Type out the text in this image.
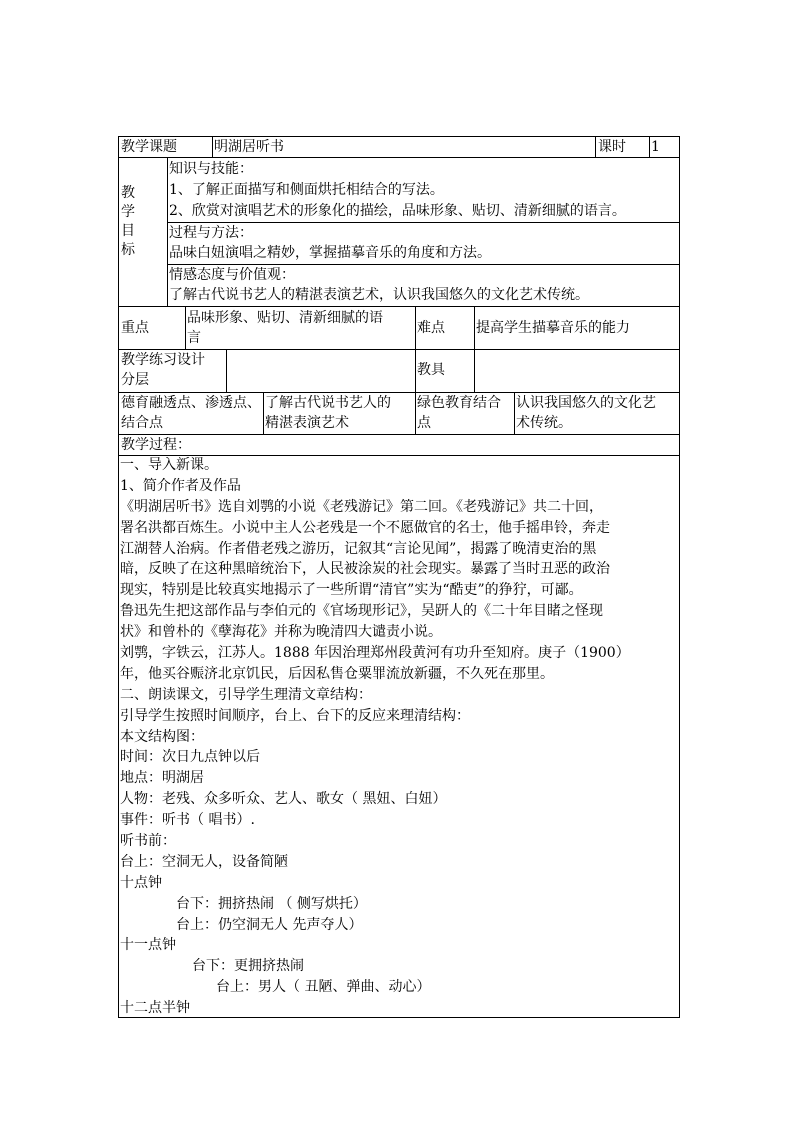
教学课题	明湖居听书	课时 1
教
学
目
标
知识与技能：
1、了解正面描写和侧面烘托相结合的写法。
2、欣赏对演唱艺术的形象化的描绘，品味形象、贴切、清新细腻的语言。
过程与方法：
品味白妞演唱之精妙，掌握描摹音乐的角度和方法。
情感态度与价值观：
了解古代说书艺人的精湛表演艺术，认识我国悠久的文化艺术传统。
重点
品味形象、贴切、清新细腻的语
言
难点 提高学生描摹音乐的能力
教学练习设计
分层
教具
德育融透点、渗透点、
结合点
了解古代说书艺人的
精湛表演艺术
绿色教育结合
点
认识我国悠久的文化艺
术传统。
教学过程：
一、导入新课。
1、简介作者及作品
《明湖居听书》选自刘鹗的小说《老残游记》第二回。《老残游记》共二十回，
署名洪都百炼生。小说中主人公老残是一个不愿做官的名士，他手摇串铃，奔走
江湖替人治病。作者借老残之游历，记叙其“言论见闻”，揭露了晚清吏治的黑
暗，反映了在这种黑暗统治下，人民被涂炭的社会现实。暴露了当时丑恶的政治
现实，特别是比较真实地揭示了一些所谓“清官”实为“酷吏”的狰狞，可鄙。
鲁迅先生把这部作品与李伯元的《官场现形记》，吴趼人的《二十年目睹之怪现
状》和曾朴的《孽海花》并称为晚清四大谴责小说。
刘鹗，字铁云，江苏人。1888 年因治理郑州段黄河有功升至知府。庚子（1900）
年，他买谷赈济北京饥民，后因私售仓粟罪流放新疆，不久死在那里。
二、朗读课文，引导学生理清文章结构：
引导学生按照时间顺序，台上、台下的反应来理清结构：
本文结构图：
时间：次日九点钟以后
地点：明湖居
人物：老残、众多听众、艺人、歌女（ 黑妞、白妞）
事件：听书（ 唱书）.
听书前：
台上：空洞无人，设备简陋
十点钟
台下：拥挤热闹 （ 侧写烘托）
台上：仍空洞无人 先声夺人）
十一点钟
台下：更拥挤热闹
台上：男人（ 丑陋、弹曲、动心）
十二点半钟
